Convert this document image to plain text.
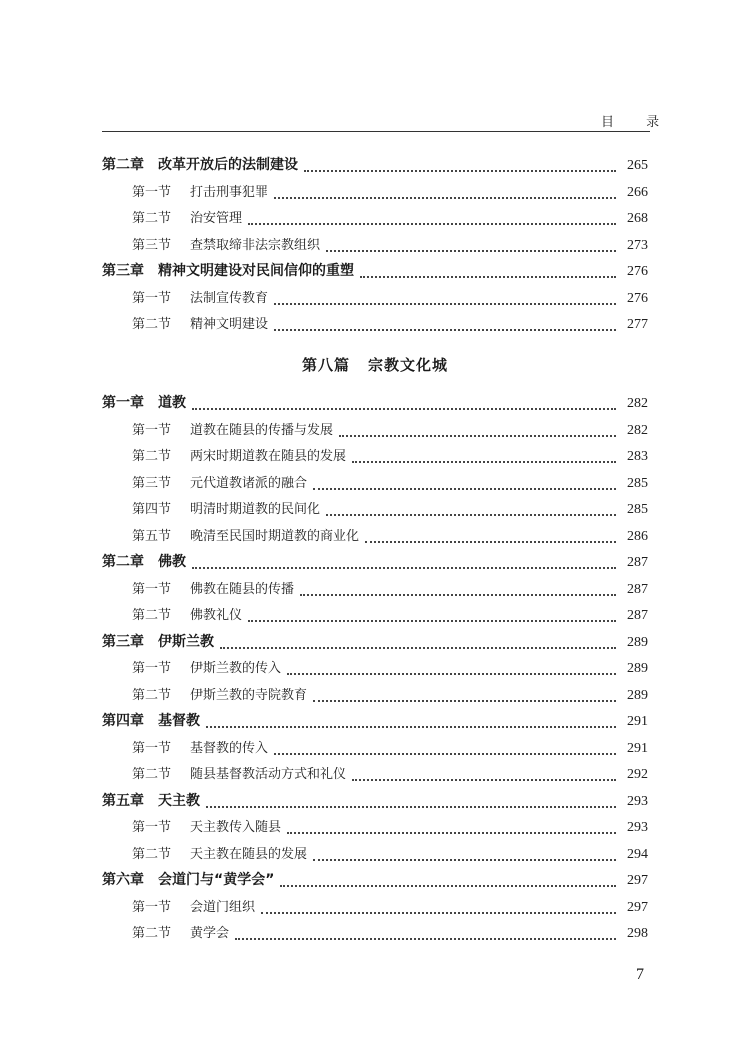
目 录
第二章	改革开放后的法制建设	265
第一节	打击刑事犯罪	266
第二节	治安管理	268
第三节	查禁取缔非法宗教组织	273
第三章	精神文明建设对民间信仰的重塑	276
第一节	法制宣传教育	276
第二节	精神文明建设	277
第八篇 宗教文化城
第一章	道教	282
第一节	道教在随县的传播与发展	282
第二节	两宋时期道教在随县的发展	283
第三节	元代道教诸派的融合	285
第四节	明清时期道教的民间化	285
第五节	晚清至民国时期道教的商业化	286
第二章	佛教	287
第一节	佛教在随县的传播	287
第二节	佛教礼仪	287
第三章	伊斯兰教	289
第一节	伊斯兰教的传入	289
第二节	伊斯兰教的寺院教育	289
第四章	基督教	291
第一节	基督教的传入	291
第二节	随县基督教活动方式和礼仪	292
第五章	天主教	293
第一节	天主教传入随县	293
第二节	天主教在随县的发展	294
第六章	会道门与“黄学会”	297
第一节	会道门组织	297
第二节	黄学会	298
7
